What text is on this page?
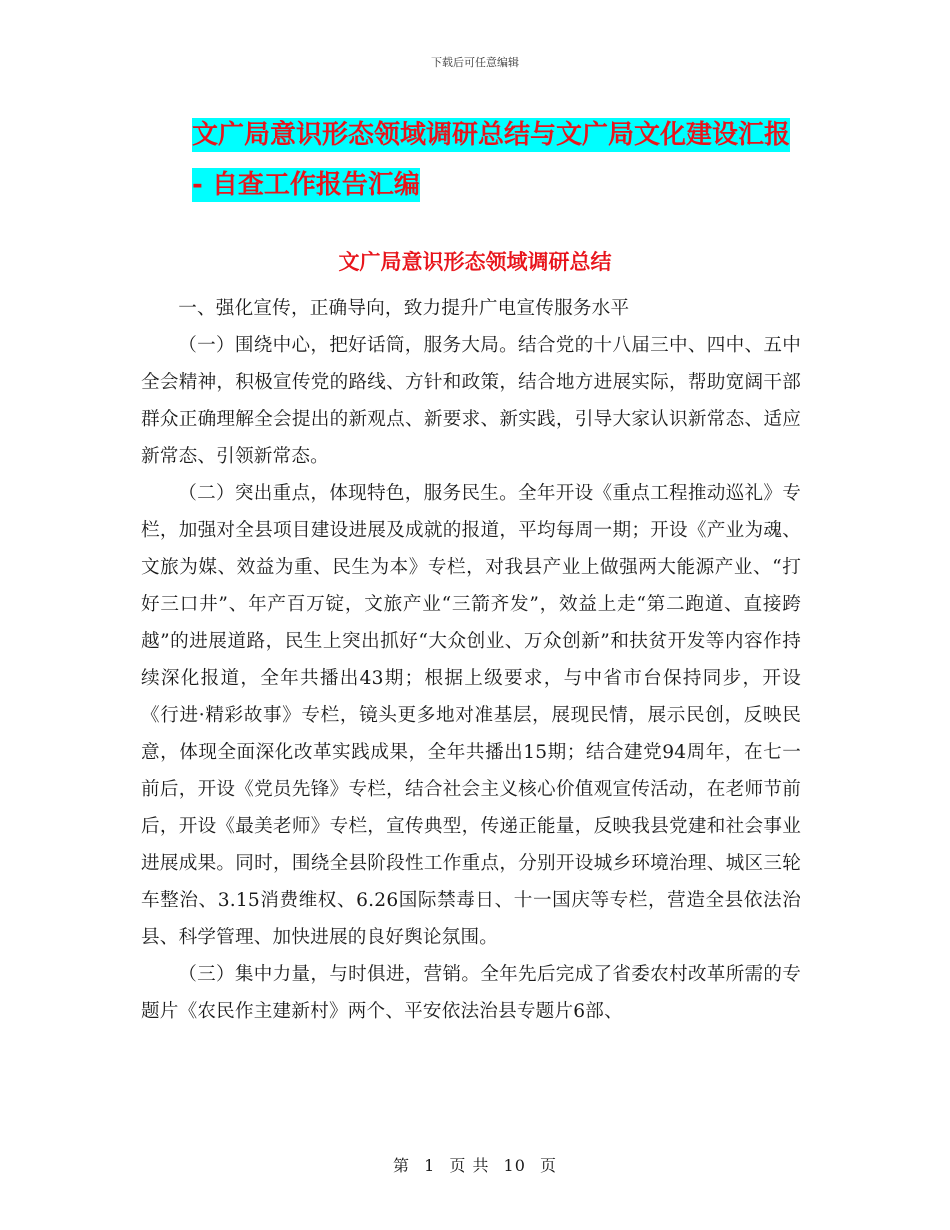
下载后可任意编辑
文广局意识形态领域调研总结与文广局文化建设汇报
- 自查工作报告汇编
文广局意识形态领域调研总结

一、强化宣传，正确导向，致力提升广电宣传服务水平

（一）围绕中心，把好话筒，服务大局。结合党的十八届三中、四中、五中全会精神，积极宣传党的路线、方针和政策，结合地方进展实际，帮助宽阔干部群众正确理解全会提出的新观点、新要求、新实践，引导大家认识新常态、适应新常态、引领新常态。

（二）突出重点，体现特色，服务民生。全年开设《重点工程推动巡礼》专栏，加强对全县项目建设进展及成就的报道，平均每周一期；开设《产业为魂、文旅为媒、效益为重、民生为本》专栏，对我县产业上做强两大能源产业、“打好三口井”、年产百万锭，文旅产业“三箭齐发”，效益上走“第二跑道、直接跨越”的进展道路，民生上突出抓好“大众创业、万众创新”和扶贫开发等内容作持续深化报道，全年共播出43期；根据上级要求，与中省市台保持同步，开设《行进·精彩故事》专栏，镜头更多地对准基层，展现民情，展示民创，反映民意，体现全面深化改革实践成果，全年共播出15期；结合建党94周年，在七一前后，开设《党员先锋》专栏，结合社会主义核心价值观宣传活动，在老师节前后，开设《最美老师》专栏，宣传典型，传递正能量，反映我县党建和社会事业进展成果。同时，围绕全县阶段性工作重点，分别开设城乡环境治理、城区三轮车整治、3.15消费维权、6.26国际禁毒日、十一国庆等专栏，营造全县依法治县、科学管理、加快进展的良好舆论氛围。

（三）集中力量，与时俱进，营销。全年先后完成了省委农村改革所需的专题片《农民作主建新村》两个、平安依法治县专题片6部、

第 1 页 共 10 页
